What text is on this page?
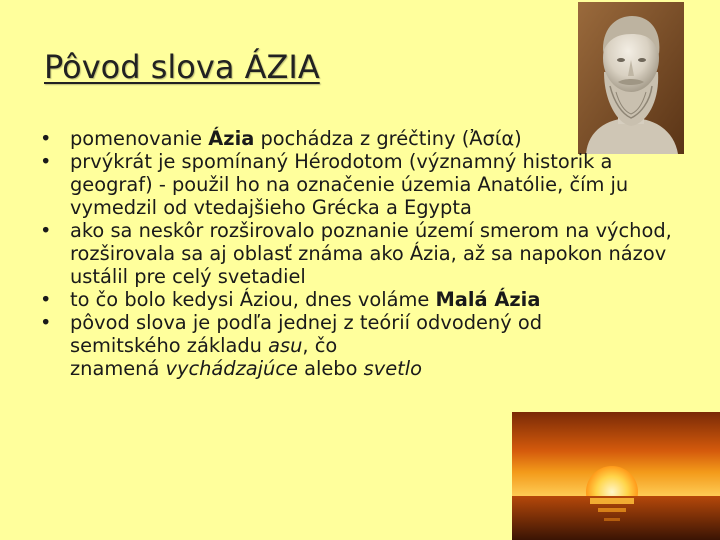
Pôvod slova ÁZIA
• pomenovanie Ázia pochádza z gréčtiny (Ἀσία)
• prvýkrát je spomínaný Hérodotom (významný historik a geograf) - použil ho na označenie územia Anatólie, čím ju vymedzil od vtedajšieho Grécka a Egypta
• ako sa neskôr rozširovalo poznanie území smerom na východ, rozširovala sa aj oblasť známa ako Ázia, až sa napokon názov ustálil pre celý svetadiel
• to čo bolo kedysi Áziou, dnes voláme Malá Ázia
• pôvod slova je podľa jednej z teórií odvodený od
semitského základu asu, čo
znamená vychádzajúce alebo svetlo
